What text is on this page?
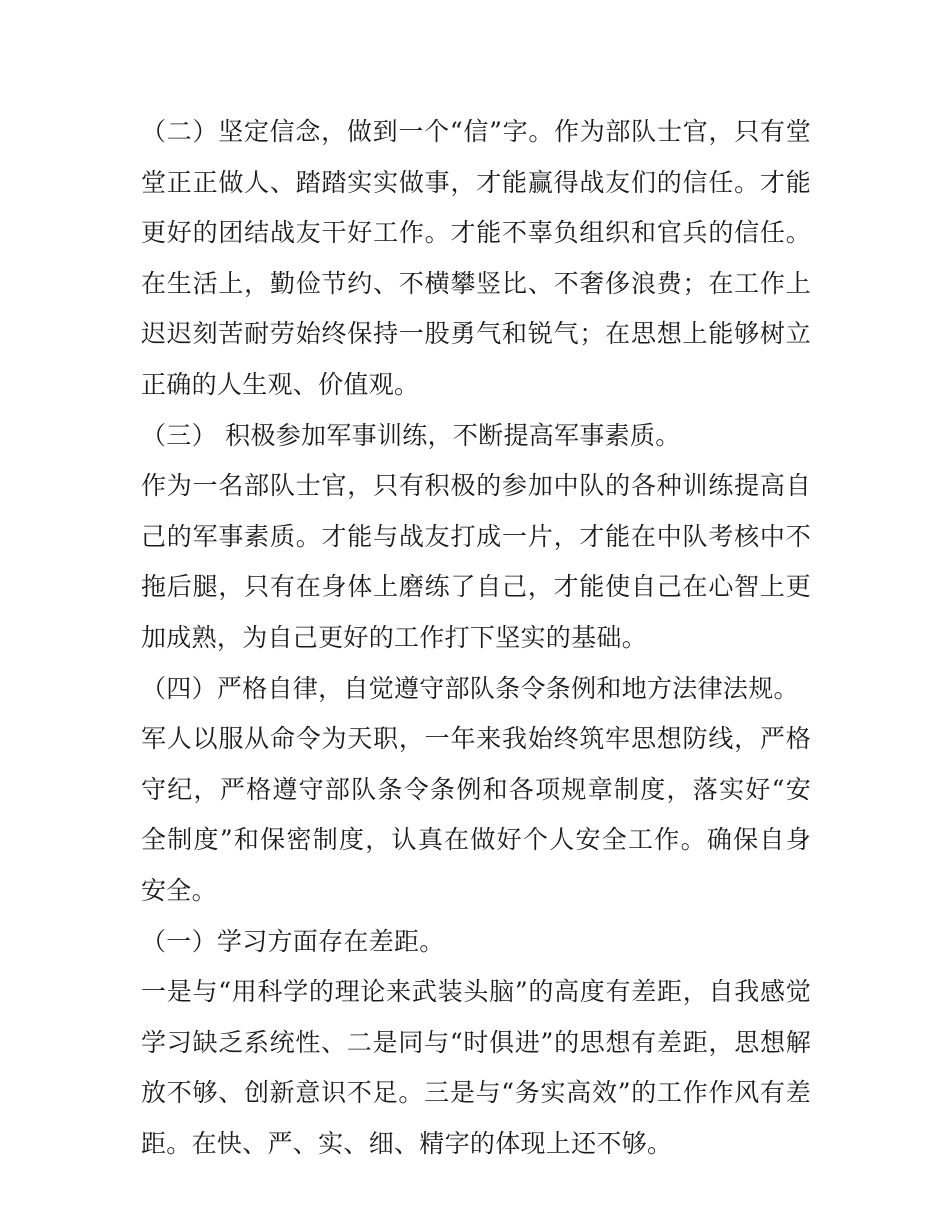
（二）坚定信念，做到一个“信”字。作为部队士官，只有堂堂正正做人、踏踏实实做事，才能赢得战友们的信任。才能更好的团结战友干好工作。才能不辜负组织和官兵的信任。在生活上，勤俭节约、不横攀竖比、不奢侈浪费；在工作上迟迟刻苦耐劳始终保持一股勇气和锐气；在思想上能够树立正确的人生观、价值观。

（三） 积极参加军事训练，不断提高军事素质。

作为一名部队士官，只有积极的参加中队的各种训练提高自己的军事素质。才能与战友打成一片，才能在中队考核中不拖后腿，只有在身体上磨练了自己，才能使自己在心智上更加成熟，为自己更好的工作打下坚实的基础。

（四）严格自律，自觉遵守部队条令条例和地方法律法规。

军人以服从命令为天职，一年来我始终筑牢思想防线，严格守纪，严格遵守部队条令条例和各项规章制度，落实好“安全制度”和保密制度，认真在做好个人安全工作。确保自身安全。

（一）学习方面存在差距。

一是与“用科学的理论来武装头脑”的高度有差距，自我感觉学习缺乏系统性、二是同与“时俱进”的思想有差距，思想解放不够、创新意识不足。三是与“务实高效”的工作作风有差距。在快、严、实、细、精字的体现上还不够。
